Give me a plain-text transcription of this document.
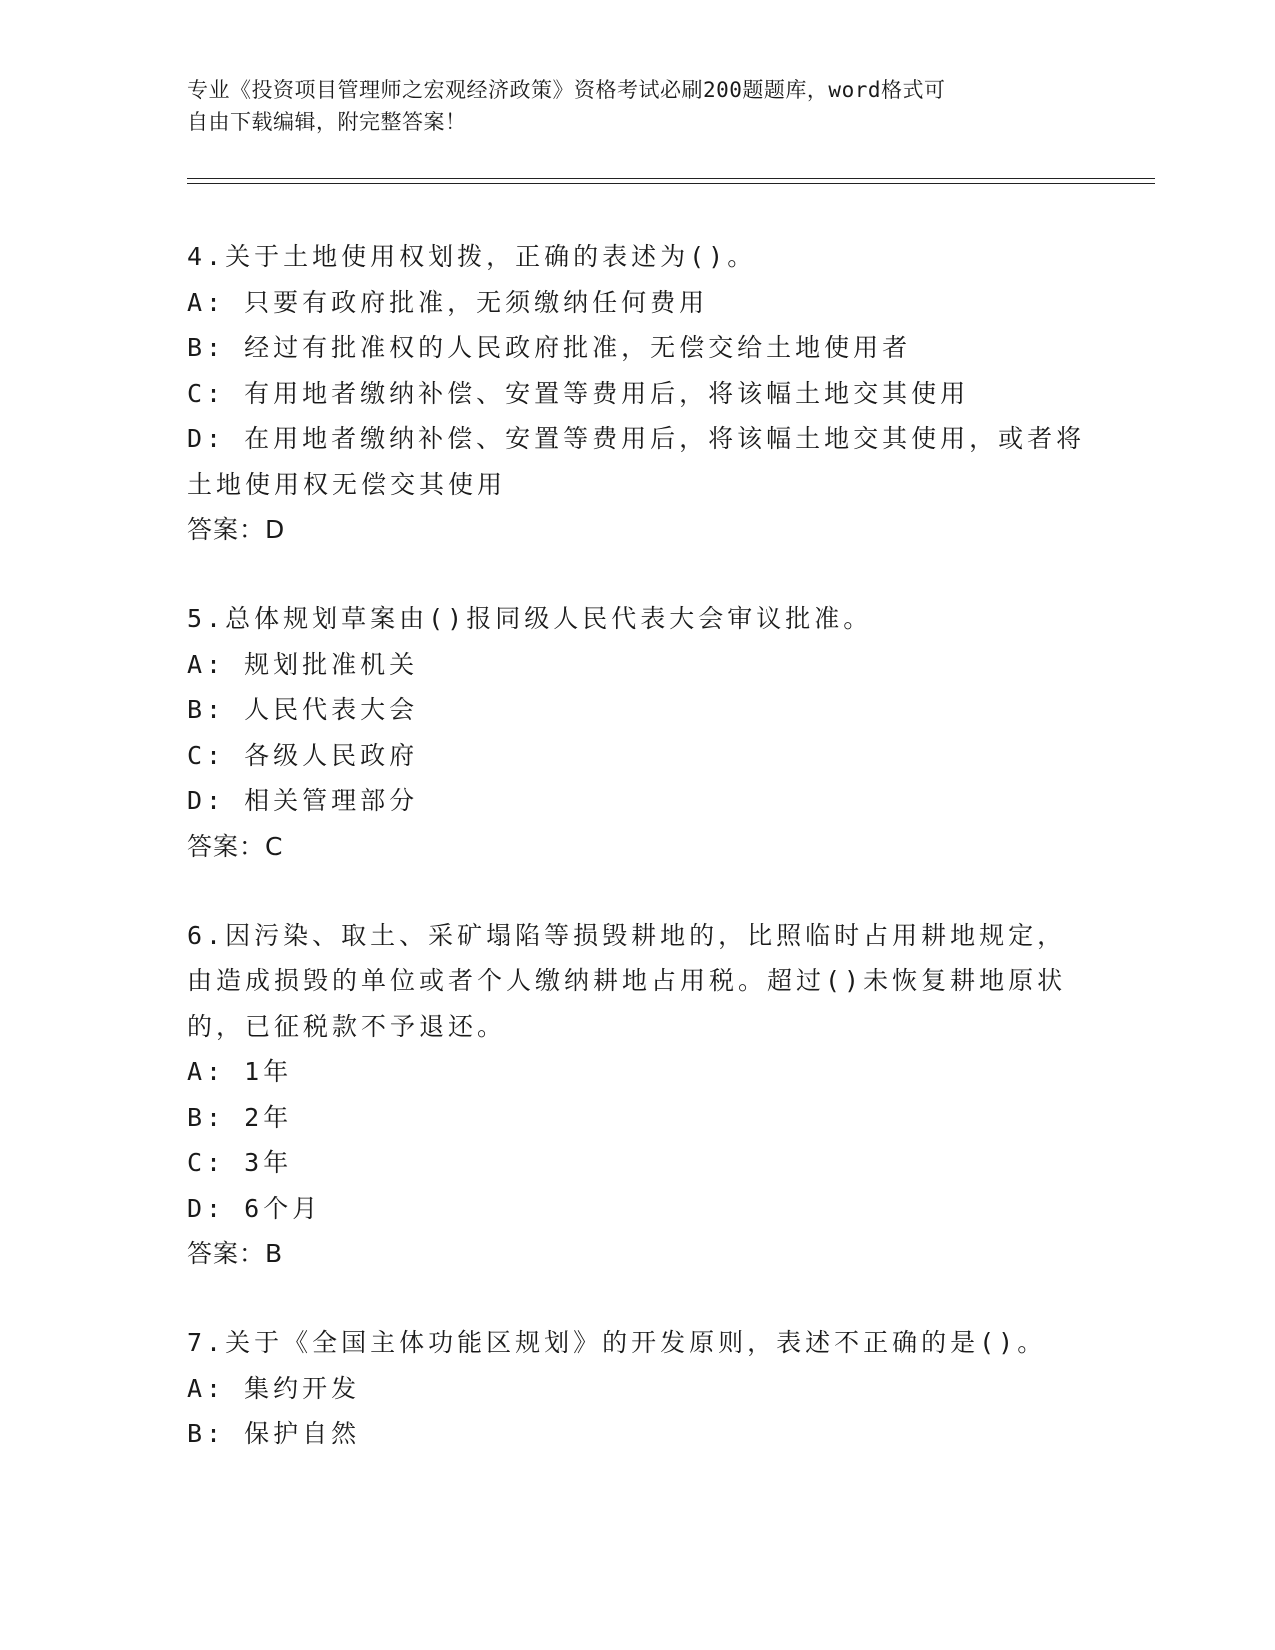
专业《投资项目管理师之宏观经济政策》资格考试必刷200题题库，word格式可
自由下载编辑，附完整答案！
4.关于土地使用权划拨，正确的表述为()。
A: 只要有政府批准，无须缴纳任何费用
B: 经过有批准权的人民政府批准，无偿交给土地使用者
C: 有用地者缴纳补偿、安置等费用后，将该幅土地交其使用
D: 在用地者缴纳补偿、安置等费用后，将该幅土地交其使用，或者将
土地使用权无偿交其使用
答案：D
5.总体规划草案由()报同级人民代表大会审议批准。
A: 规划批准机关
B: 人民代表大会
C: 各级人民政府
D: 相关管理部分
答案：C
6.因污染、取土、采矿塌陷等损毁耕地的，比照临时占用耕地规定，
由造成损毁的单位或者个人缴纳耕地占用税。超过()未恢复耕地原状
的，已征税款不予退还。
A: 1年
B: 2年
C: 3年
D: 6个月
答案：B
7.关于《全国主体功能区规划》的开发原则，表述不正确的是()。
A: 集约开发
B: 保护自然
